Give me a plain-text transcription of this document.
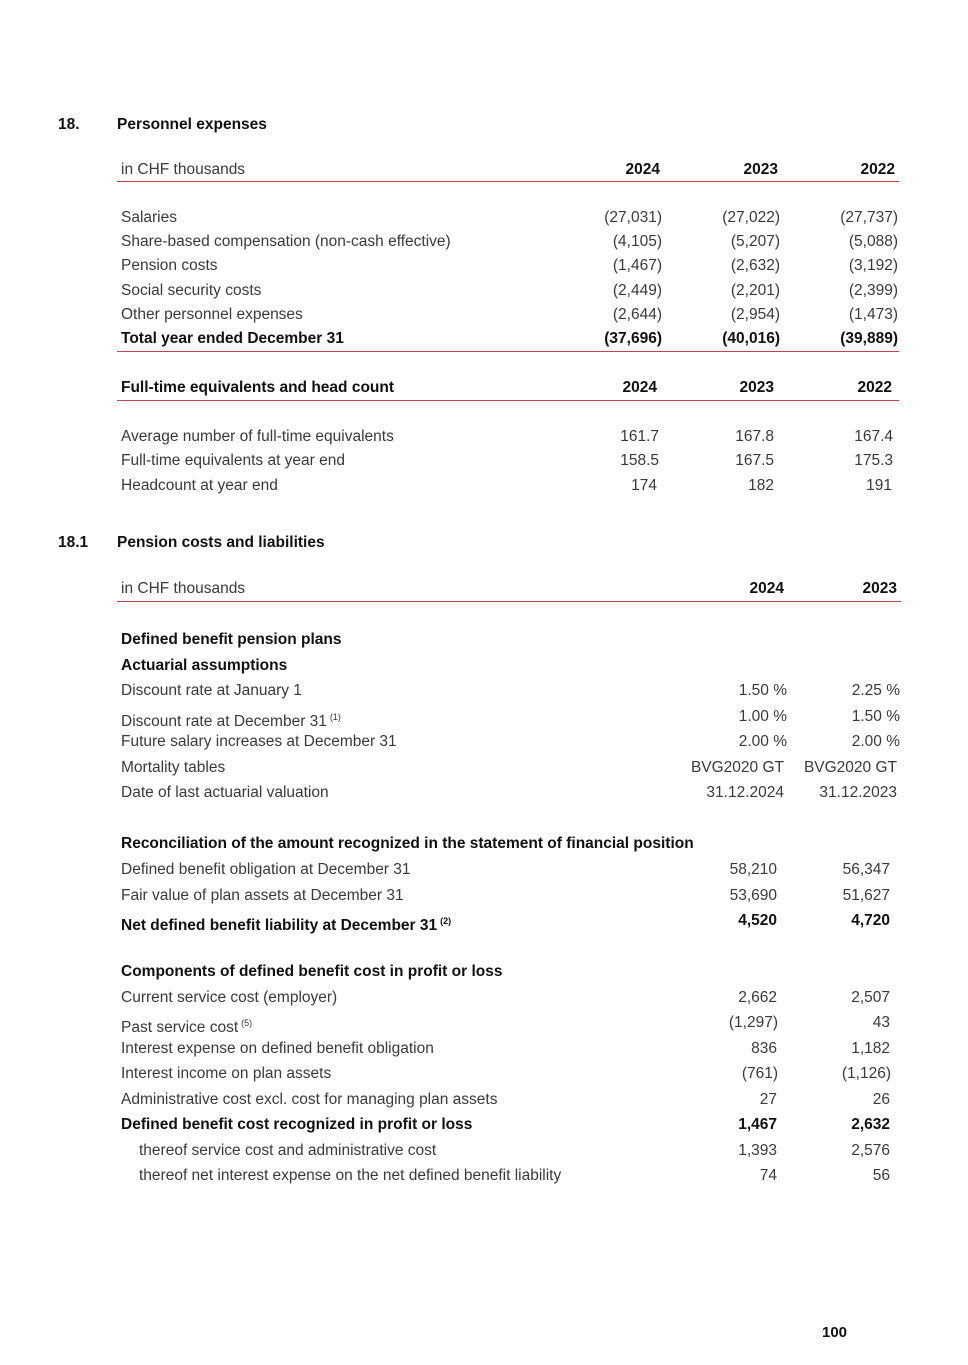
18. Personnel expenses
in CHF thousands	2024	2023	2022
Salaries	(27,031)	(27,022)	(27,737)
Share-based compensation (non-cash effective)	(4,105)	(5,207)	(5,088)
Pension costs	(1,467)	(2,632)	(3,192)
Social security costs	(2,449)	(2,201)	(2,399)
Other personnel expenses	(2,644)	(2,954)	(1,473)
Total year ended December 31	(37,696)	(40,016)	(39,889)
Full-time equivalents and head count	2024	2023	2022
Average number of full-time equivalents	161.7	167.8	167.4
Full-time equivalents at year end	158.5	167.5	175.3
Headcount at year end	174	182	191
18.1 Pension costs and liabilities
in CHF thousands	2024	2023
Defined benefit pension plans
Actuarial assumptions
Discount rate at January 1	1.50 %	2.25 %
Discount rate at December 31 $^{(1)}$	1.00 %	1.50 %
Future salary increases at December 31	2.00 %	2.00 %
Mortality tables	BVG2020 GT	BVG2020 GT
Date of last actuarial valuation	31.12.2024	31.12.2023
Reconciliation of the amount recognized in the statement of financial position
Defined benefit obligation at December 31	58,210	56,347
Fair value of plan assets at December 31	53,690	51,627
Net defined benefit liability at December 31 $^{(2)}$	4,520	4,720
Components of defined benefit cost in profit or loss
Current service cost (employer)	2,662	2,507
Past service cost $^{(5)}$	(1,297)	43
Interest expense on defined benefit obligation	836	1,182
Interest income on plan assets	(761)	(1,126)
Administrative cost excl. cost for managing plan assets	27	26
Defined benefit cost recognized in profit or loss	1,467	2,632
thereof service cost and administrative cost	1,393	2,576
thereof net interest expense on the net defined benefit liability	74	56
100
